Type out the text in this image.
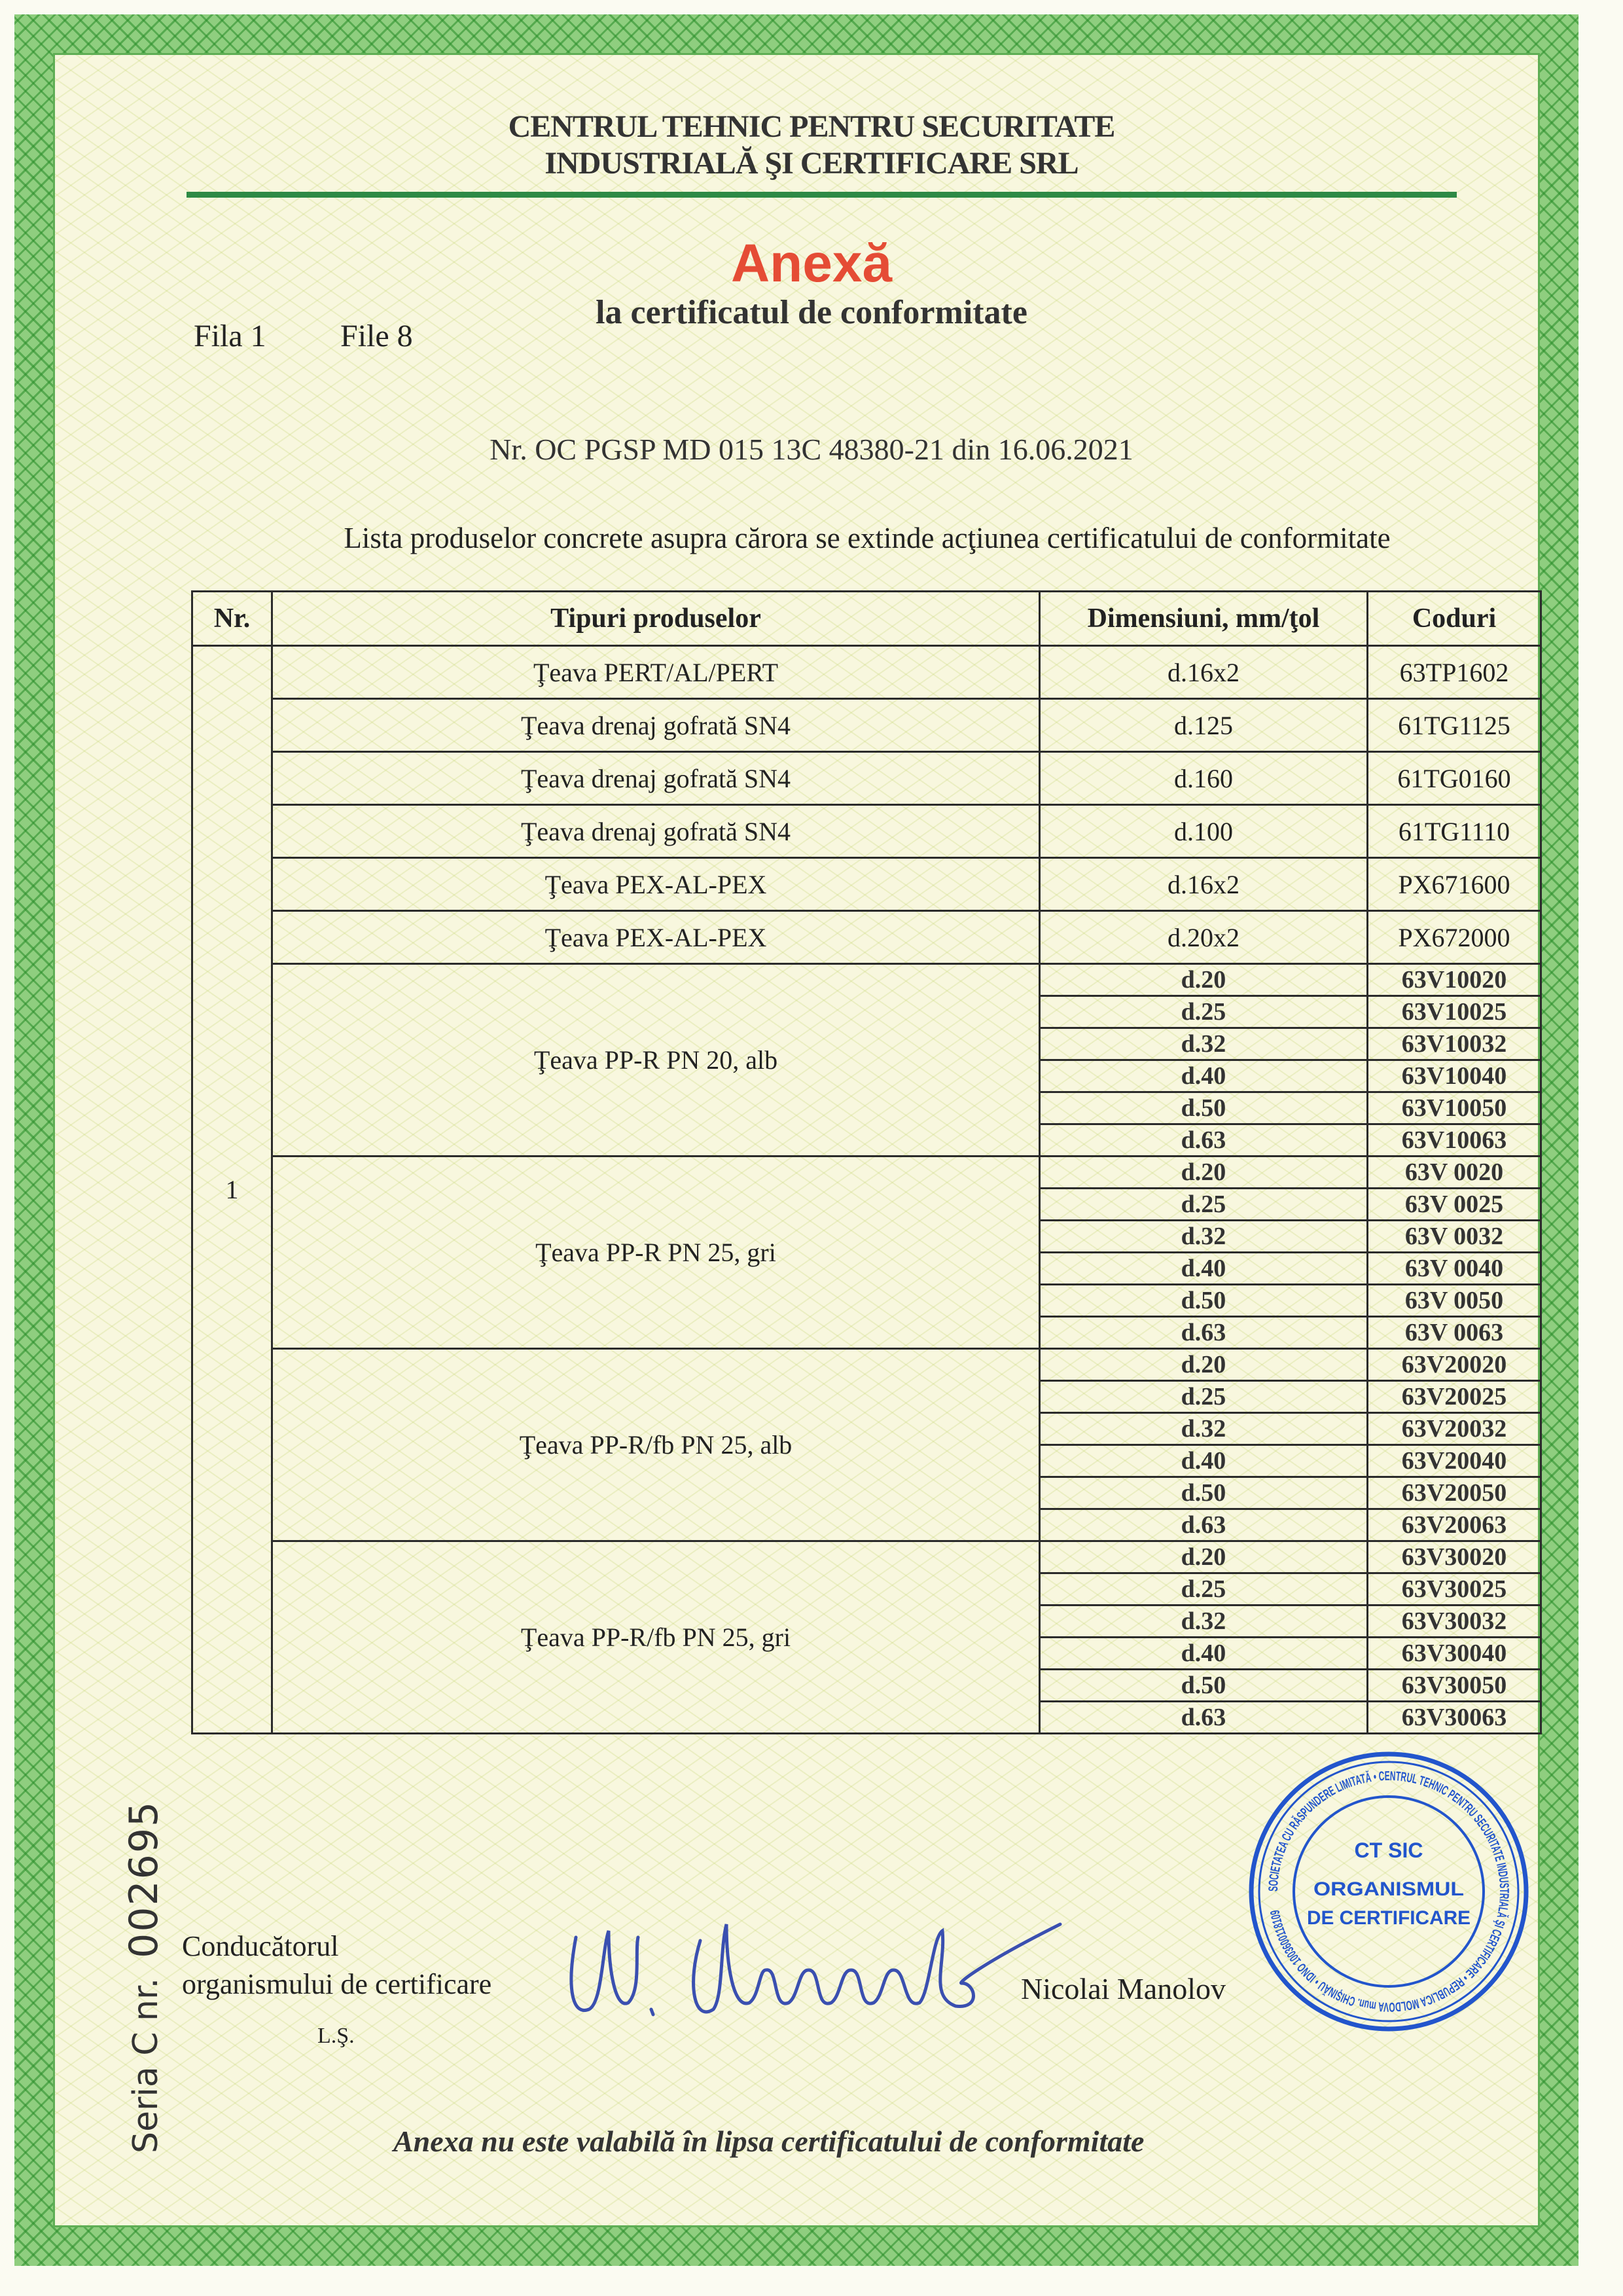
CENTRUL TEHNIC PENTRU SECURITATE
INDUSTRIALĂ ŞI CERTIFICARE SRL
Anexă
la certificatul de conformitate
Fila 1 File 8
Nr. OC PGSP MD 015 13C 48380-21 din 16.06.2021
Lista produselor concrete asupra cărora se extinde acţiunea certificatului de conformitate
Nr.	Tipuri produselor	Dimensiuni, mm/ţol	Coduri
1	Ţeava PERT/AL/PERT	d.16x2	63TP1602
	Ţeava drenaj gofrată SN4	d.125	61TG1125
	Ţeava drenaj gofrată SN4	d.160	61TG0160
	Ţeava drenaj gofrată SN4	d.100	61TG1110
	Ţeava PEX-AL-PEX	d.16x2	PX671600
	Ţeava PEX-AL-PEX	d.20x2	PX672000
	Ţeava PP-R PN 20, alb	d.20	63V10020
		d.25	63V10025
		d.32	63V10032
		d.40	63V10040
		d.50	63V10050
		d.63	63V10063
	Ţeava PP-R PN 25, gri	d.20	63V 0020
		d.25	63V 0025
		d.32	63V 0032
		d.40	63V 0040
		d.50	63V 0050
		d.63	63V 0063
	Ţeava PP-R/fb PN 25, alb	d.20	63V20020
		d.25	63V20025
		d.32	63V20032
		d.40	63V20040
		d.50	63V20050
		d.63	63V20063
	Ţeava PP-R/fb PN 25, gri	d.20	63V30020
		d.25	63V30025
		d.32	63V30032
		d.40	63V30040
		d.50	63V30050
		d.63	63V30063
Conducătorul
organismului de certificare
L.Ş.
SOCIETATEA CU RĂSPUNDERE LIMITATĂ • CENTRUL TEHNIC PENTRU SECURITATE INDUSTRIALĂ ŞI CERTIFICARE • REPUBLICA MOLDOVA mun. CHIŞINĂU • IDNO 1003600118109
CT SIC
ORGANISMUL
DE CERTIFICARE
Nicolai Manolov
Seria C nr.002695
Anexa nu este valabilă în lipsa certificatului de conformitate
